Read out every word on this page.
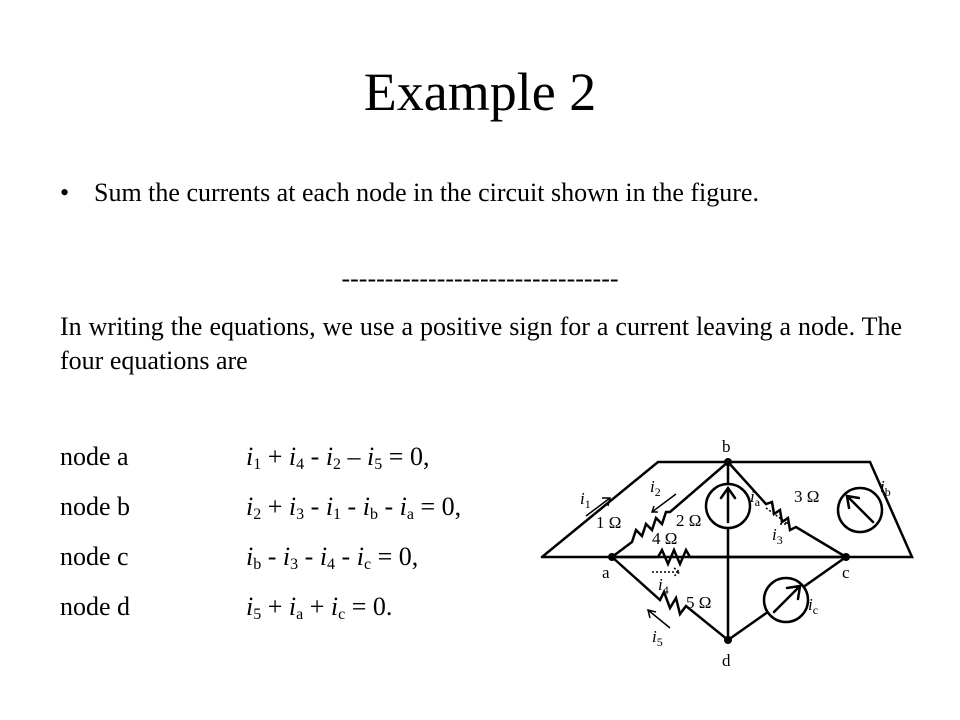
Example 2
• Sum the currents at each node in the circuit shown in the figure.
--------------------------------
In writing the equations, we use a positive sign for a current leaving a node. The four equations are
node a	$i_1 + i_4 - i_2 - i_5 = 0$,
node b	$i_2 + i_3 - i_1 - i_b - i_a = 0$,
node c	$i_b - i_3 - i_4 - i_c = 0$,
node d	$i_5 + i_a + i_c = 0$.
b
a	c
d
1 Ω	2 Ω
3 Ω
4 Ω
5 Ω
$i_1$
$i_2$
$i_3$
$i_4$
$i_5$
$i_a$
$i_b$
$i_c$
